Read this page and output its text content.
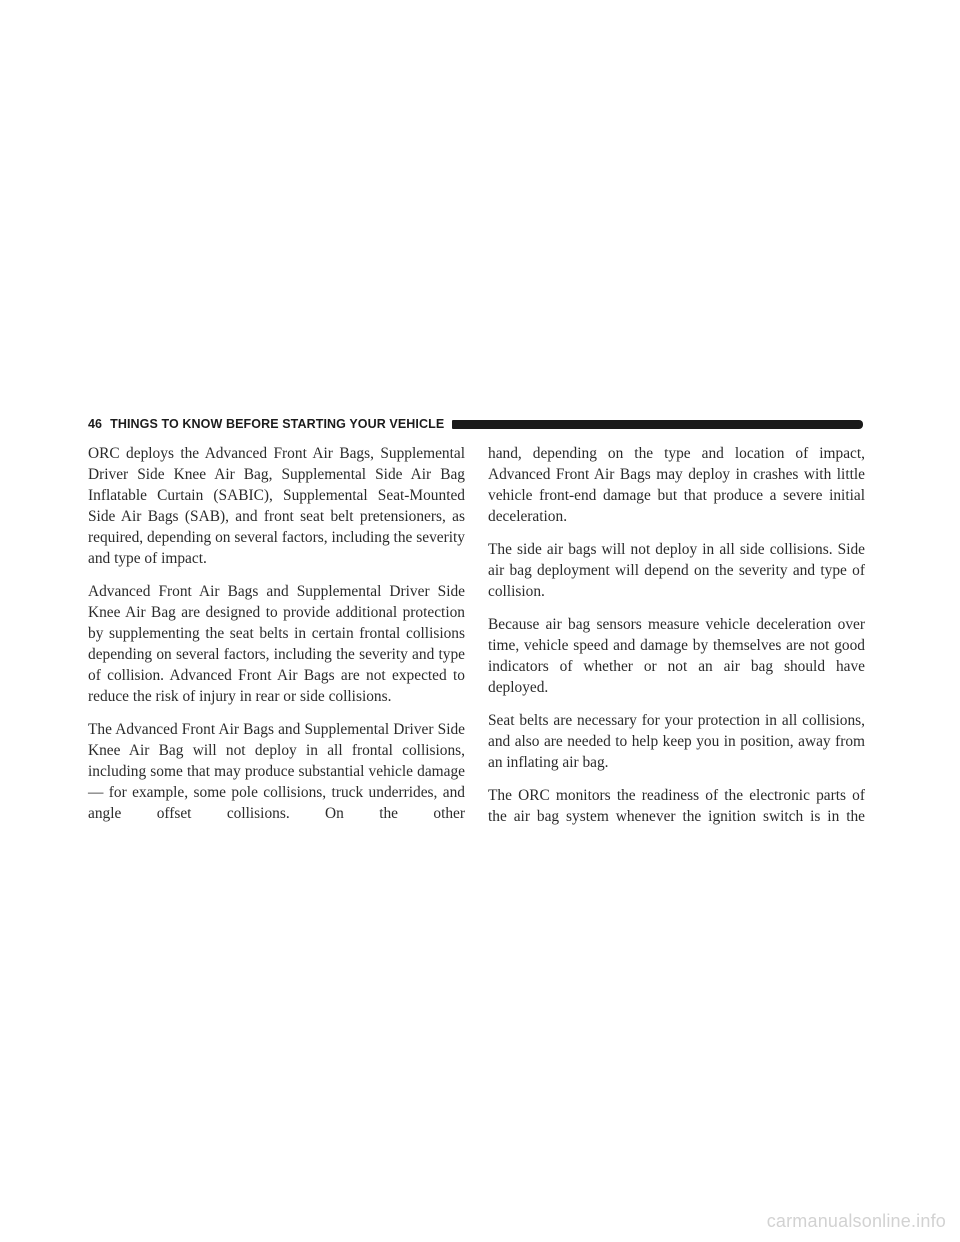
46 THINGS TO KNOW BEFORE STARTING YOUR VEHICLE

ORC deploys the Advanced Front Air Bags, Supplemental Driver Side Knee Air Bag, Supplemental Side Air Bag Inflatable Curtain (SABIC), Supplemental Seat-Mounted Side Air Bags (SAB), and front seat belt pretensioners, as required, depending on several factors, including the severity and type of impact.

Advanced Front Air Bags and Supplemental Driver Side Knee Air Bag are designed to provide additional protection by supplementing the seat belts in certain frontal collisions depending on several factors, including the severity and type of collision. Advanced Front Air Bags are not expected to reduce the risk of injury in rear or side collisions.

The Advanced Front Air Bags and Supplemental Driver Side Knee Air Bag will not deploy in all frontal collisions, including some that may produce substantial vehicle damage — for example, some pole collisions, truck underrides, and angle offset collisions. On the other

hand, depending on the type and location of impact, Advanced Front Air Bags may deploy in crashes with little vehicle front-end damage but that produce a severe initial deceleration.

The side air bags will not deploy in all side collisions. Side air bag deployment will depend on the severity and type of collision.

Because air bag sensors measure vehicle deceleration over time, vehicle speed and damage by themselves are not good indicators of whether or not an air bag should have deployed.

Seat belts are necessary for your protection in all collisions, and also are needed to help keep you in position, away from an inflating air bag.

The ORC monitors the readiness of the electronic parts of the air bag system whenever the ignition switch is in the

carmanualsonline.info
